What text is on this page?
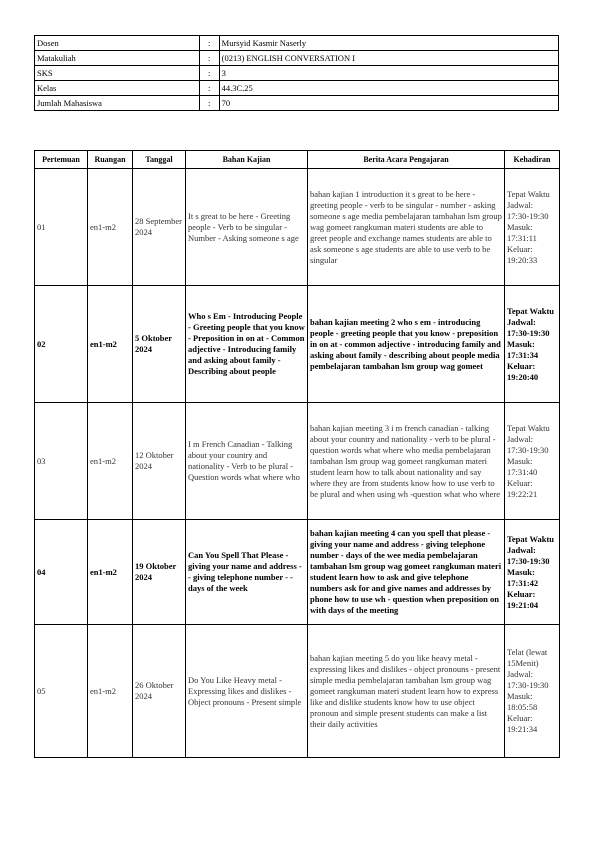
Dosen	:	Mursyid Kasmir Naserly
Matakuliah	:	(0213) ENGLISH CONVERSATION I
SKS	:	3
Kelas	:	44.3C.25
Jumlah Mahasiswa	:	70
Pertemuan	Ruangan	Tanggal	Bahan Kajian	Berita Acara Pengajaran	Kehadiran
01	en1-m2	28 September 2024	It s great to be here - Greeting people - Verb to be singular - Number - Asking someone s age	bahan kajian 1 introduction it s great to be here - greeting people - verb to be singular - number - asking someone s age media pembelajaran tambahan lsm group wag gomeet rangkuman materi students are able to greet people and exchange names students are able to ask someone s age students are able to use verb to be singular	Tepat Waktu Jadwal: 17:30-19:30 Masuk: 17:31:11 Keluar: 19:20:33
02	en1-m2	5 Oktober 2024	Who s Em - Introducing People - Greeting people that you know - Preposition in on at - Common adjective - Introducing family and asking about family - Describing about people	bahan kajian meeting 2 who s em - introducing people - greeting people that you know - preposition in on at - common adjective - introducing family and asking about family - describing about people media pembelajaran tambahan lsm group wag gomeet	Tepat Waktu Jadwal: 17:30-19:30 Masuk: 17:31:34 Keluar: 19:20:40
03	en1-m2	12 Oktober 2024	I m French Canadian - Talking about your country and nationality - Verb to be plural - Question words what where who	bahan kajian meeting 3 i m french canadian - talking about your country and nationality - verb to be plural - question words what where who media pembelajaran tambahan lsm group wag gomeet rangkuman materi student learn how to talk about nationality and say where they are from students know how to use verb to be plural and when using wh -question what who where	Tepat Waktu Jadwal: 17:30-19:30 Masuk: 17:31:40 Keluar: 19:22:21
04	en1-m2	19 Oktober 2024	Can You Spell That Please - giving your name and address - - giving telephone number - - days of the week	bahan kajian meeting 4 can you spell that please - giving your name and address - giving telephone number - days of the wee media pembelajaran tambahan lsm group wag gomeet rangkuman materi student learn how to ask and give telephone numbers ask for and give names and addresses by phone how to use wh - question when preposition on with days of the meeting	Tepat Waktu Jadwal: 17:30-19:30 Masuk: 17:31:42 Keluar: 19:21:04
05	en1-m2	26 Oktober 2024	Do You Like Heavy metal - Expressing likes and dislikes - Object pronouns - Present simple	bahan kajian meeting 5 do you like heavy metal - expressing likes and dislikes - object pronouns - present simple media pembelajaran tambahan lsm group wag gomeet rangkuman materi student learn how to express like and dislike students know how to use object pronoun and simple present students can make a list their daily activities	Telat (lewat 15Menit) Jadwal: 17:30-19:30 Masuk: 18:05:58 Keluar: 19:21:34
